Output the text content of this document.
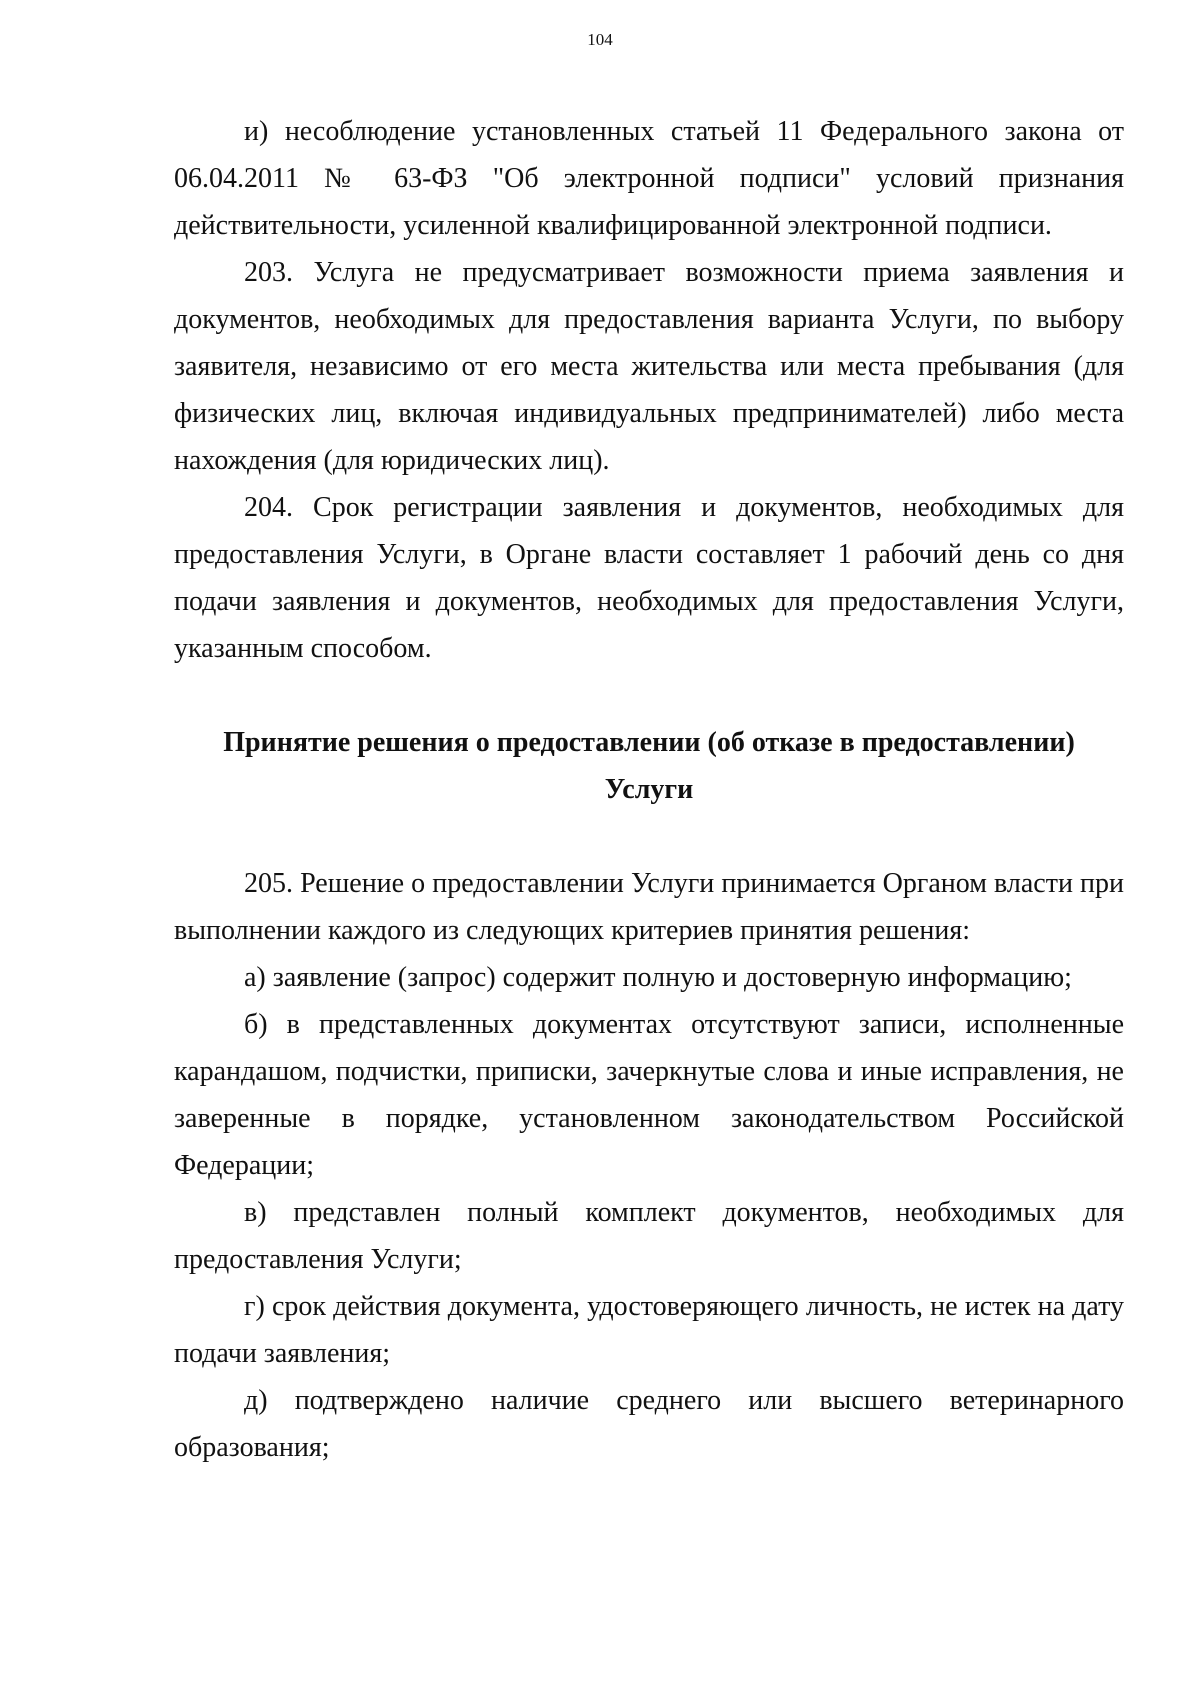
104

и) несоблюдение установленных статьей 11 Федерального закона от 06.04.2011 № 63-ФЗ "Об электронной подписи" условий признания действительности, усиленной квалифицированной электронной подписи.

203. Услуга не предусматривает возможности приема заявления и документов, необходимых для предоставления варианта Услуги, по выбору заявителя, независимо от его места жительства или места пребывания (для физических лиц, включая индивидуальных предпринимателей) либо места нахождения (для юридических лиц).

204. Срок регистрации заявления и документов, необходимых для предоставления Услуги, в Органе власти составляет 1 рабочий день со дня подачи заявления и документов, необходимых для предоставления Услуги, указанным способом.

Принятие решения о предоставлении (об отказе в предоставлении)
Услуги

205. Решение о предоставлении Услуги принимается Органом власти при выполнении каждого из следующих критериев принятия решения:

а) заявление (запрос) содержит полную и достоверную информацию;

б) в представленных документах отсутствуют записи, исполненные карандашом, подчистки, приписки, зачеркнутые слова и иные исправления, не заверенные в порядке, установленном законодательством Российской Федерации;

в) представлен полный комплект документов, необходимых для предоставления Услуги;

г) срок действия документа, удостоверяющего личность, не истек на дату подачи заявления;

д) подтверждено наличие среднего или высшего ветеринарного образования;
